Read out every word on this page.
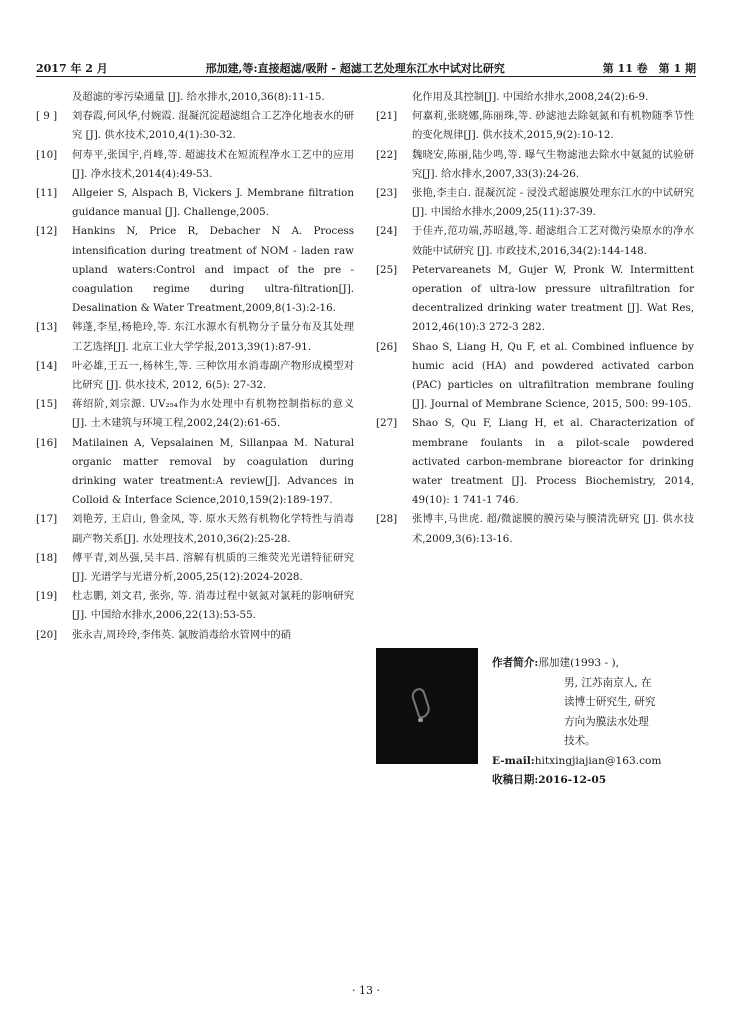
2017 年 2 月	邢加建,等:直接超滤/吸附 - 超滤工艺处理东江水中试对比研究	第 11 卷　第 1 期
及超滤的零污染通量 [J]. 给水排水,2010,36(8):11-15.
[ 9 ]	刘春霞,何风华,付婉霞. 混凝沉淀超滤组合工艺净化地表水的研究 [J]. 供水技术,2010,4(1):30-32.
[10]	何寿平,张国宇,肖峰,等. 超滤技术在短流程净水工艺中的应用 [J]. 净水技术,2014(4):49-53.
[11]	Allgeier S, Alspach B, Vickers J. Membrane filtration guidance manual [J]. Challenge,2005.
[12]	Hankins N, Price R, Debacher N A. Process intensification during treatment of NOM - laden raw upland waters:Control and impact of the pre - coagulation regime during ultra-filtration[J]. Desalination & Water Treatment,2009,8(1-3):2-16.
[13]	韩蓬,李星,杨艳玲,等. 东江水源水有机物分子量分布及其处理工艺选择[J]. 北京工业大学学报,2013,39(1):87-91.
[14]	叶必雄,王五一,杨林生,等. 三种饮用水消毒副产物形成模型对比研究 [J]. 供水技术, 2012, 6(5): 27-32.
[15]	蒋绍阶,刘宗源. UV₂₅₄作为水处理中有机物控制指标的意义 [J]. 土木建筑与环境工程,2002,24(2):61-65.
[16]	Matilainen A, Vepsalainen M, Sillanpaa M. Natural organic matter removal by coagulation during drinking water treatment:A review[J]. Advances in Colloid & Interface Science,2010,159(2):189-197.
[17]	刘艳芳, 王启山, 鲁金凤, 等. 原水天然有机物化学特性与消毒副产物关系[J]. 水处理技术,2010,36(2):25-28.
[18]	傅平青,刘丛强,吴丰昌. 溶解有机质的三维荧光光谱特征研究[J]. 光谱学与光谱分析,2005,25(12):2024-2028.
[19]	杜志鹏, 刘文君, 张弥, 等. 消毒过程中氨氮对氯耗的影响研究 [J]. 中国给水排水,2006,22(13):53-55.
[20]	张永吉,周玲玲,李伟英. 氯胺消毒给水管网中的硝
化作用及其控制[J]. 中国给水排水,2008,24(2):6-9.
[21]	何嘉莉,张晓娜,陈丽珠,等. 砂滤池去除氨氮和有机物随季节性的变化规律[J]. 供水技术,2015,9(2):10-12.
[22]	魏晓安,陈丽,陆少鸣,等. 曝气生物滤池去除水中氨氮的试验研究[J]. 给水排水,2007,33(3):24-26.
[23]	张艳,李圭白. 混凝沉淀 - 浸没式超滤膜处理东江水的中试研究 [J]. 中国给水排水,2009,25(11):37-39.
[24]	于佳卉,范功端,苏昭越,等. 超滤组合工艺对微污染原水的净水效能中试研究 [J]. 市政技术,2016,34(2):144-148.
[25]	Petervareanets M, Gujer W, Pronk W. Intermittent operation of ultra-low pressure ultrafiltration for decentralized drinking water treatment [J]. Wat Res, 2012,46(10):3 272-3 282.
[26]	Shao S, Liang H, Qu F, et al. Combined influence by humic acid (HA) and powdered activated carbon (PAC) particles on ultrafiltration membrane fouling [J]. Journal of Membrane Science, 2015, 500: 99-105.
[27]	Shao S, Qu F, Liang H, et al. Characterization of membrane foulants in a pilot-scale powdered activated carbon-membrane bioreactor for drinking water treatment [J]. Process Biochemistry, 2014, 49(10): 1 741-1 746.
[28]	张博丰,马世虎. 超/微滤膜的膜污染与膜清洗研究 [J]. 供水技术,2009,3(6):13-16.
作者简介:邢加建(1993 - ),
男, 江苏南京人, 在
读博士研究生, 研究
方向为膜法水处理
技术。
E-mail:hitxingjiajian@163.com
收稿日期:2016-12-05
· 13 ·
